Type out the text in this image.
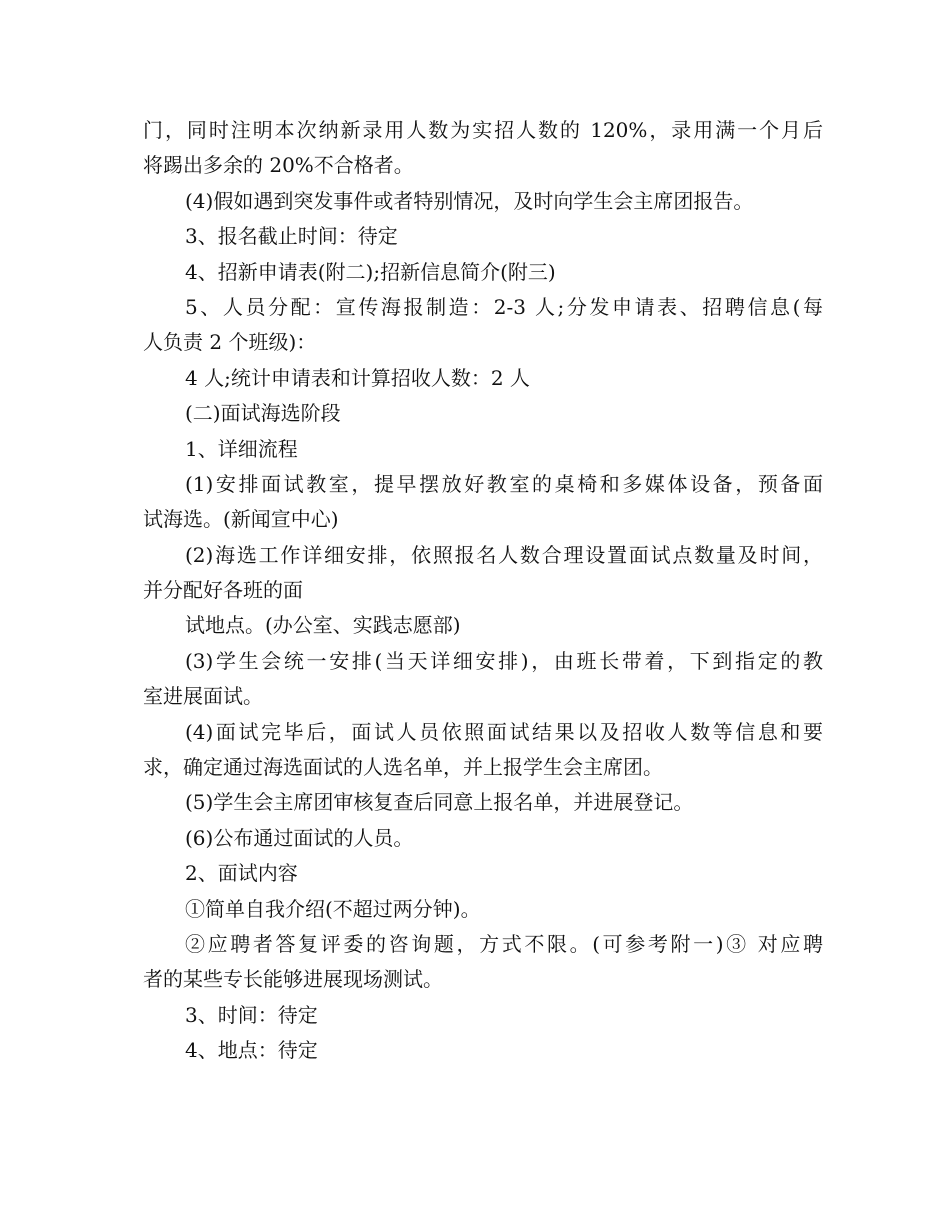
门，同时注明本次纳新录用人数为实招人数的 120%，录用满一个月后
将踢出多余的 20%不合格者。
(4)假如遇到突发事件或者特别情况，及时向学生会主席团报告。
3、报名截止时间：待定
4、招新申请表(附二);招新信息简介(附三)
5、人员分配：宣传海报制造：2-3 人;分发申请表、招聘信息(每
人负责 2 个班级)：
4 人;统计申请表和计算招收人数：2 人
(二)面试海选阶段
1、详细流程
(1)安排面试教室，提早摆放好教室的桌椅和多媒体设备，预备面
试海选。(新闻宣中心)
(2)海选工作详细安排，依照报名人数合理设置面试点数量及时间，
并分配好各班的面
试地点。(办公室、实践志愿部)
(3)学生会统一安排(当天详细安排)，由班长带着，下到指定的教
室进展面试。
(4)面试完毕后，面试人员依照面试结果以及招收人数等信息和要
求，确定通过海选面试的人选名单，并上报学生会主席团。
(5)学生会主席团审核复查后同意上报名单，并进展登记。
(6)公布通过面试的人员。
2、面试内容
①简单自我介绍(不超过两分钟)。
②应聘者答复评委的咨询题，方式不限。(可参考附一)③ 对应聘
者的某些专长能够进展现场测试。
3、时间：待定
4、地点：待定
